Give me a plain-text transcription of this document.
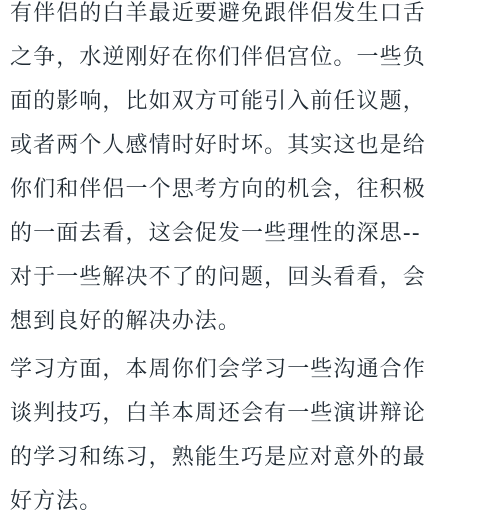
有伴侣的白羊最近要避免跟伴侣发生口舌
之争，水逆刚好在你们伴侣宫位。一些负
面的影响，比如双方可能引入前任议题，
或者两个人感情时好时坏。其实这也是给
你们和伴侣一个思考方向的机会，往积极
的一面去看，这会促发一些理性的深思--
对于一些解决不了的问题，回头看看，会
想到良好的解决办法。
学习方面，本周你们会学习一些沟通合作
谈判技巧，白羊本周还会有一些演讲辩论
的学习和练习，熟能生巧是应对意外的最
好方法。
